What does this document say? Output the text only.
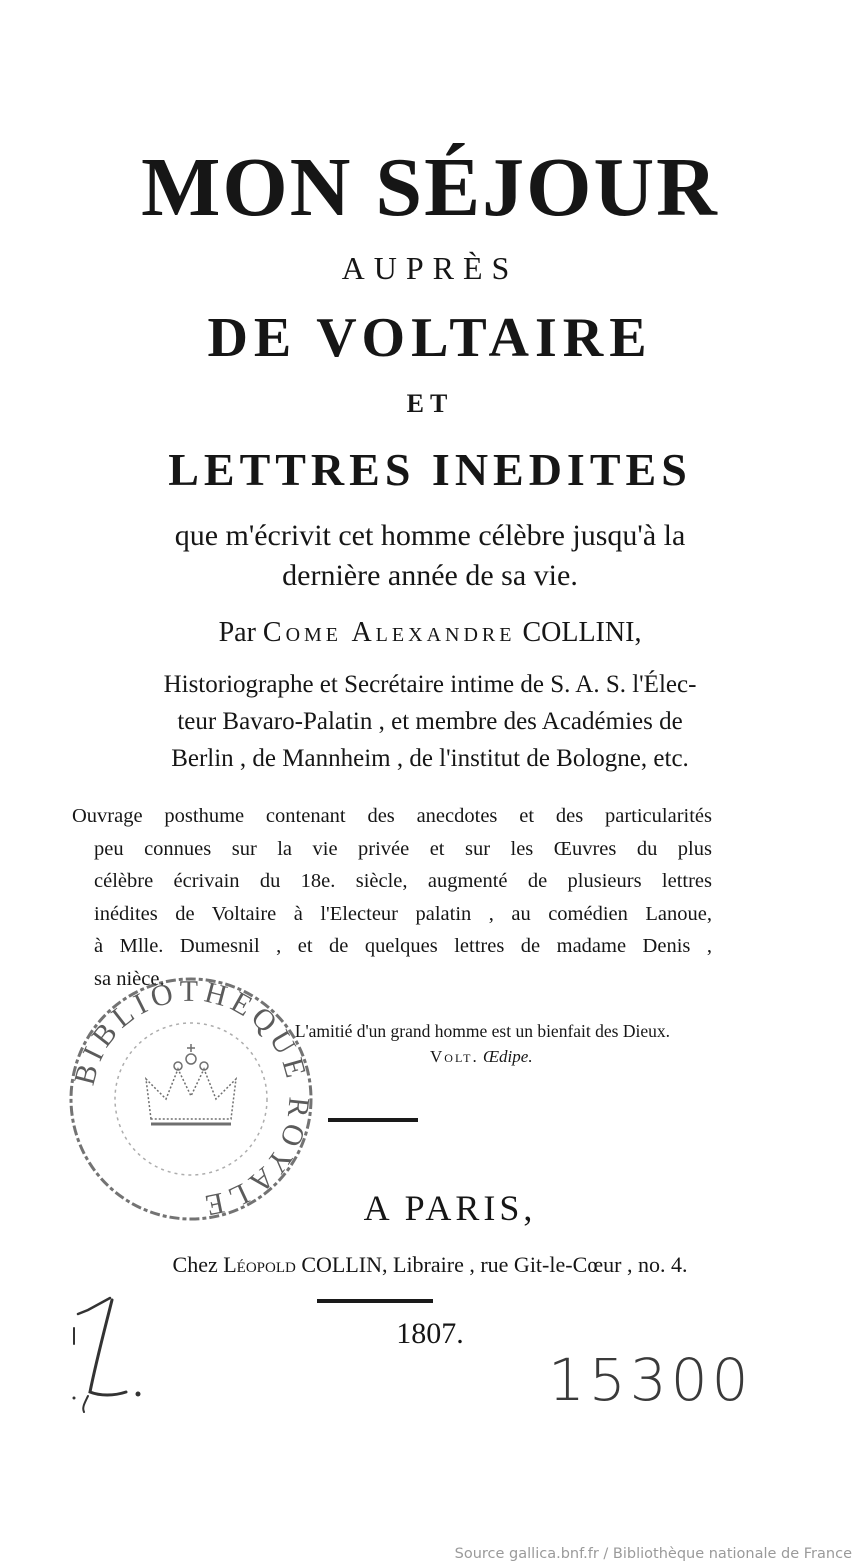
MON SÉJOUR
AUPRÈS
DE VOLTAIRE
ET
LETTRES INEDITES
que m'écrivit cet homme célèbre jusqu'à la
dernière année de sa vie.
Par Come Alexandre COLLINI,
Historiographe et Secrétaire intime de S. A. S. l'Élec-
teur Bavaro-Palatin , et membre des Académies de
Berlin , de Mannheim , de l'institut de Bologne, etc.
Ouvrage posthume contenant des anecdotes et des particularités
peu connues sur la vie privée et sur les Œuvres du plus
célèbre écrivain du 18e. siècle, augmenté de plusieurs lettres
inédites de Voltaire à l'Electeur palatin , au comédien Lanoue,
à Mlle. Dumesnil , et de quelques lettres de madame Denis ,
sa nièce.
L'amitié d'un grand homme est un bienfait des Dieux.
Volt. Œdipe.
BIBLIOTHEQUE ROYALE	A PARIS,
Chez Léopold COLLIN, Libraire , rue Git-le-Cœur , no. 4.
1807.
15300
Source gallica.bnf.fr / Bibliothèque nationale de France
